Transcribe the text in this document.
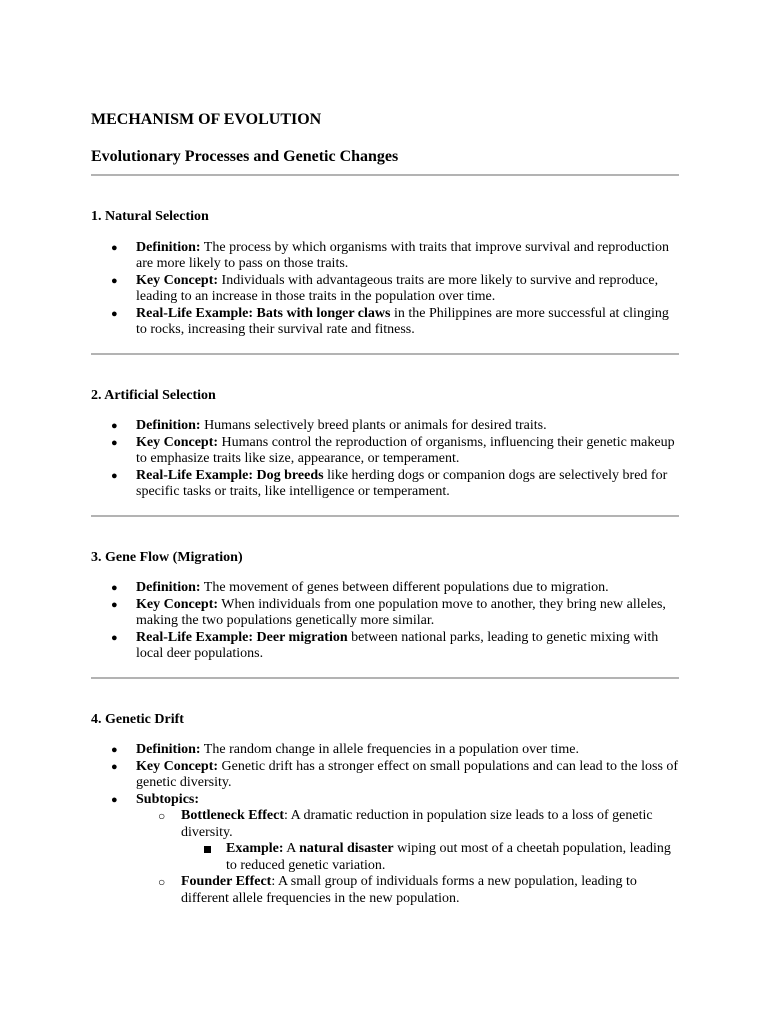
MECHANISM OF EVOLUTION

Evolutionary Processes and Genetic Changes

1. Natural Selection

● Definition: The process by which organisms with traits that improve survival and reproduction are more likely to pass on those traits.
● Key Concept: Individuals with advantageous traits are more likely to survive and reproduce, leading to an increase in those traits in the population over time.
● Real-Life Example: Bats with longer claws in the Philippines are more successful at clinging to rocks, increasing their survival rate and fitness.

2. Artificial Selection

● Definition: Humans selectively breed plants or animals for desired traits.
● Key Concept: Humans control the reproduction of organisms, influencing their genetic makeup to emphasize traits like size, appearance, or temperament.
● Real-Life Example: Dog breeds like herding dogs or companion dogs are selectively bred for specific tasks or traits, like intelligence or temperament.

3. Gene Flow (Migration)

● Definition: The movement of genes between different populations due to migration.
● Key Concept: When individuals from one population move to another, they bring new alleles, making the two populations genetically more similar.
● Real-Life Example: Deer migration between national parks, leading to genetic mixing with local deer populations.

4. Genetic Drift

● Definition: The random change in allele frequencies in a population over time.
● Key Concept: Genetic drift has a stronger effect on small populations and can lead to the loss of genetic diversity.
● Subtopics:
○ Bottleneck Effect: A dramatic reduction in population size leads to a loss of genetic diversity.
Example: A natural disaster wiping out most of a cheetah population, leading to reduced genetic variation.
○ Founder Effect: A small group of individuals forms a new population, leading to different allele frequencies in the new population.
